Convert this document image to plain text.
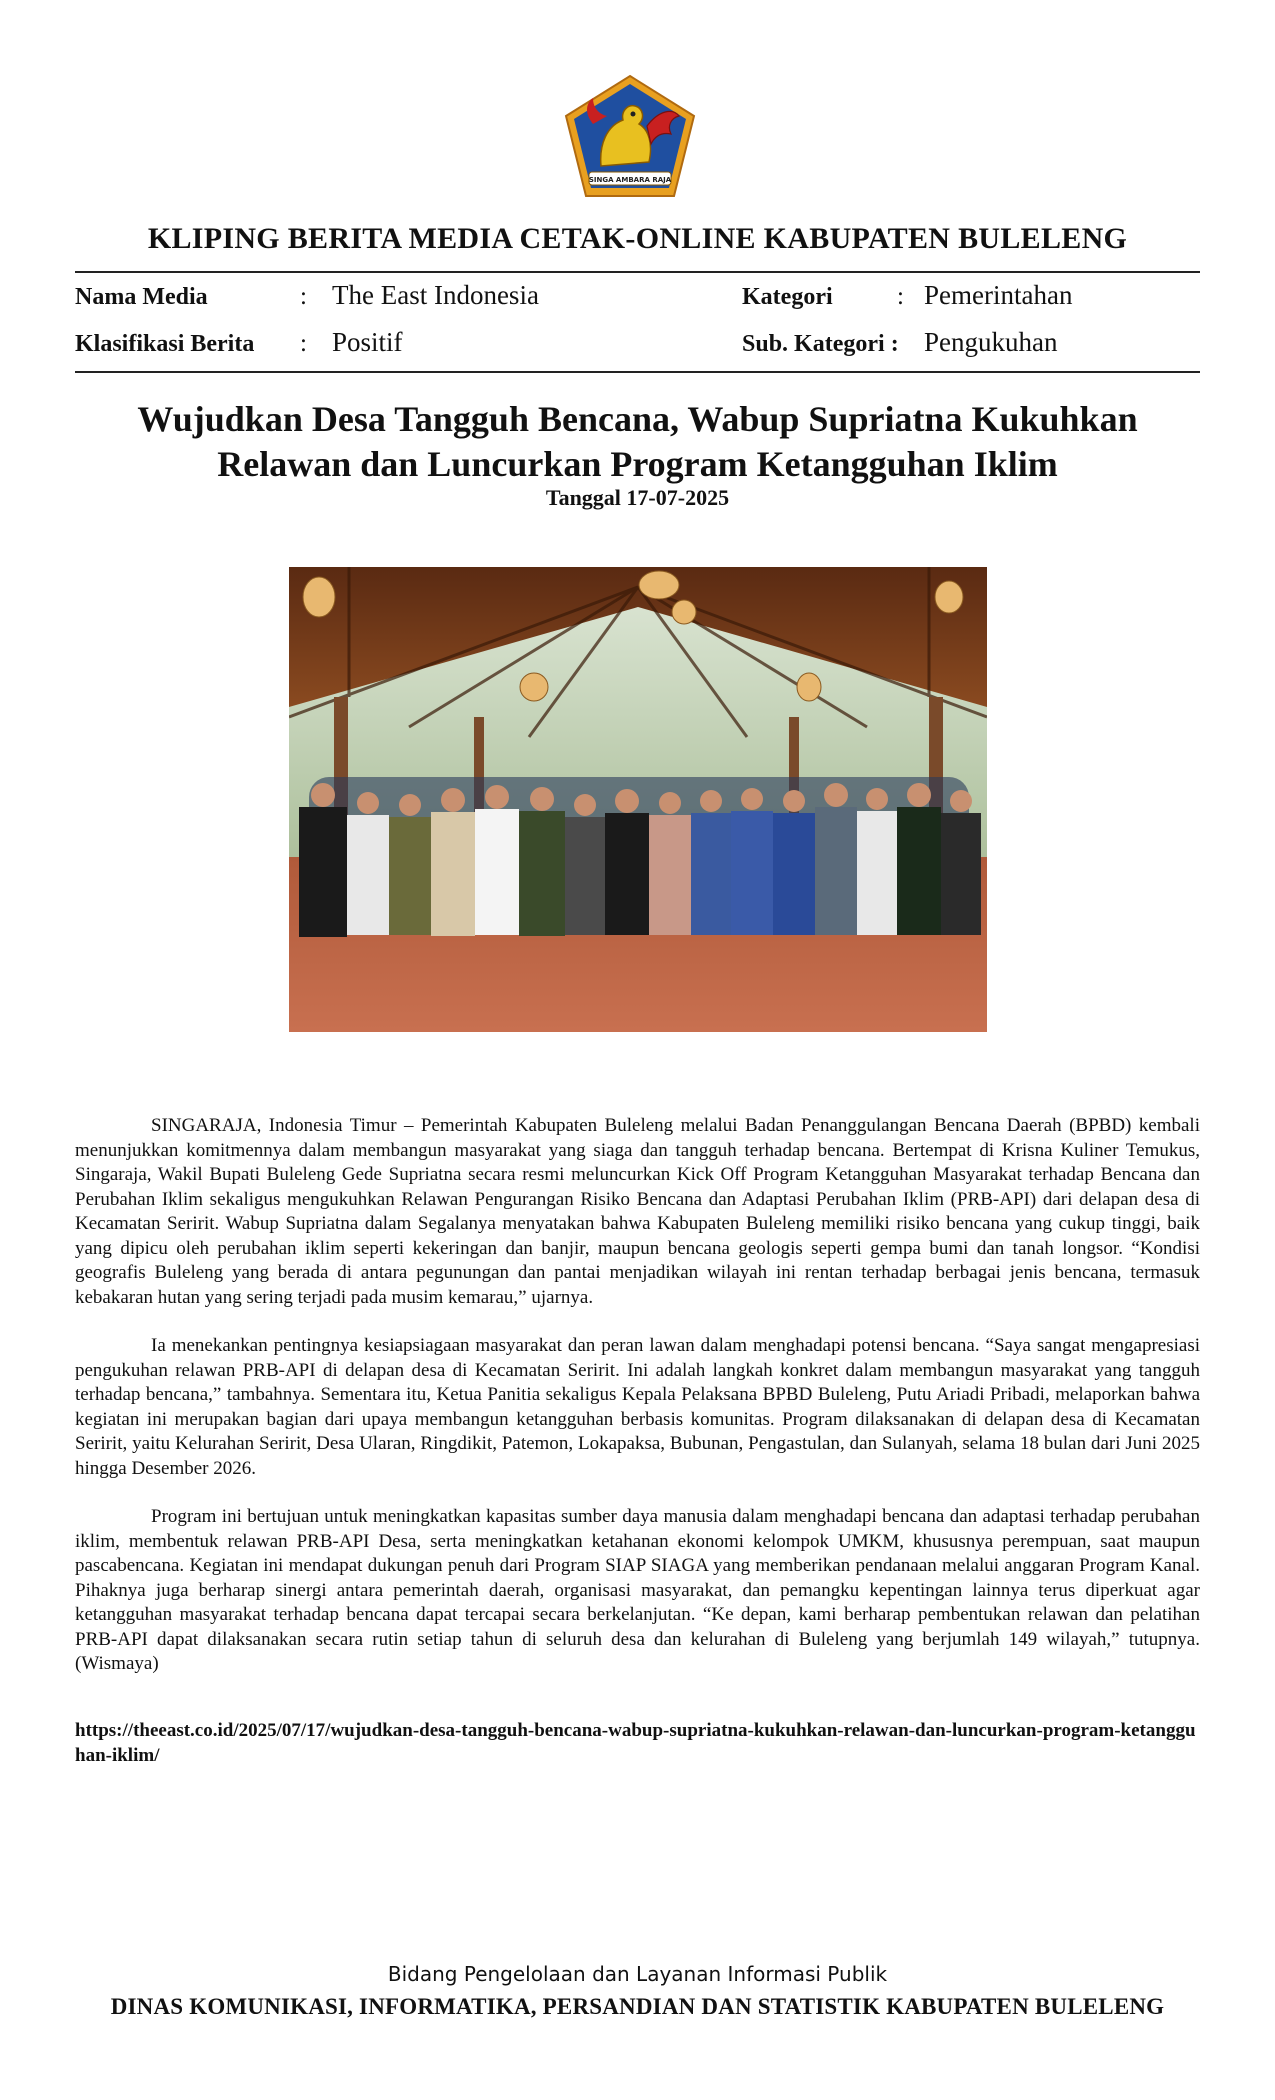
SINGA AMBARA RAJA
KLIPING BERITA MEDIA CETAK-ONLINE KABUPATEN BULELENG
Nama Media	: The East Indonesia	Kategori	: Pemerintahan
Klasifikasi Berita : Positif	Sub. Kategori : Pengukuhan
Wujudkan Desa Tangguh Bencana, Wabup Supriatna Kukuhkan
Relawan dan Luncurkan Program Ketangguhan Iklim
Tanggal 17-07-2025

SINGARAJA, Indonesia Timur – Pemerintah Kabupaten Buleleng melalui Badan Penanggulangan Bencana Daerah (BPBD) kembali menunjukkan komitmennya dalam membangun masyarakat yang siaga dan tangguh terhadap bencana. Bertempat di Krisna Kuliner Temukus, Singaraja, Wakil Bupati Buleleng Gede Supriatna secara resmi meluncurkan Kick Off Program Ketangguhan Masyarakat terhadap Bencana dan Perubahan Iklim sekaligus mengukuhkan Relawan Pengurangan Risiko Bencana dan Adaptasi Perubahan Iklim (PRB-API) dari delapan desa di Kecamatan Seririt. Wabup Supriatna dalam Segalanya menyatakan bahwa Kabupaten Buleleng memiliki risiko bencana yang cukup tinggi, baik yang dipicu oleh perubahan iklim seperti kekeringan dan banjir, maupun bencana geologis seperti gempa bumi dan tanah longsor. “Kondisi geografis Buleleng yang berada di antara pegunungan dan pantai menjadikan wilayah ini rentan terhadap berbagai jenis bencana, termasuk kebakaran hutan yang sering terjadi pada musim kemarau,” ujarnya.

Ia menekankan pentingnya kesiapsiagaan masyarakat dan peran lawan dalam menghadapi potensi bencana. “Saya sangat mengapresiasi pengukuhan relawan PRB-API di delapan desa di Kecamatan Seririt. Ini adalah langkah konkret dalam membangun masyarakat yang tangguh terhadap bencana,” tambahnya. Sementara itu, Ketua Panitia sekaligus Kepala Pelaksana BPBD Buleleng, Putu Ariadi Pribadi, melaporkan bahwa kegiatan ini merupakan bagian dari upaya membangun ketangguhan berbasis komunitas. Program dilaksanakan di delapan desa di Kecamatan Seririt, yaitu Kelurahan Seririt, Desa Ularan, Ringdikit, Patemon, Lokapaksa, Bubunan, Pengastulan, dan Sulanyah, selama 18 bulan dari Juni 2025 hingga Desember 2026.

Program ini bertujuan untuk meningkatkan kapasitas sumber daya manusia dalam menghadapi bencana dan adaptasi terhadap perubahan iklim, membentuk relawan PRB-API Desa, serta meningkatkan ketahanan ekonomi kelompok UMKM, khususnya perempuan, saat maupun pascabencana. Kegiatan ini mendapat dukungan penuh dari Program SIAP SIAGA yang memberikan pendanaan melalui anggaran Program Kanal. Pihaknya juga berharap sinergi antara pemerintah daerah, organisasi masyarakat, dan pemangku kepentingan lainnya terus diperkuat agar ketangguhan masyarakat terhadap bencana dapat tercapai secara berkelanjutan. “Ke depan, kami berharap pembentukan relawan dan pelatihan PRB-API dapat dilaksanakan secara rutin setiap tahun di seluruh desa dan kelurahan di Buleleng yang berjumlah 149 wilayah,” tutupnya.(Wismaya)

https://theeast.co.id/2025/07/17/wujudkan-desa-tangguh-bencana-wabup-supriatna-kukuhkan-relawan-dan-luncurkan-program-ketangguhan-iklim/
Bidang Pengelolaan dan Layanan Informasi Publik
DINAS KOMUNIKASI, INFORMATIKA, PERSANDIAN DAN STATISTIK KABUPATEN BULELENG
